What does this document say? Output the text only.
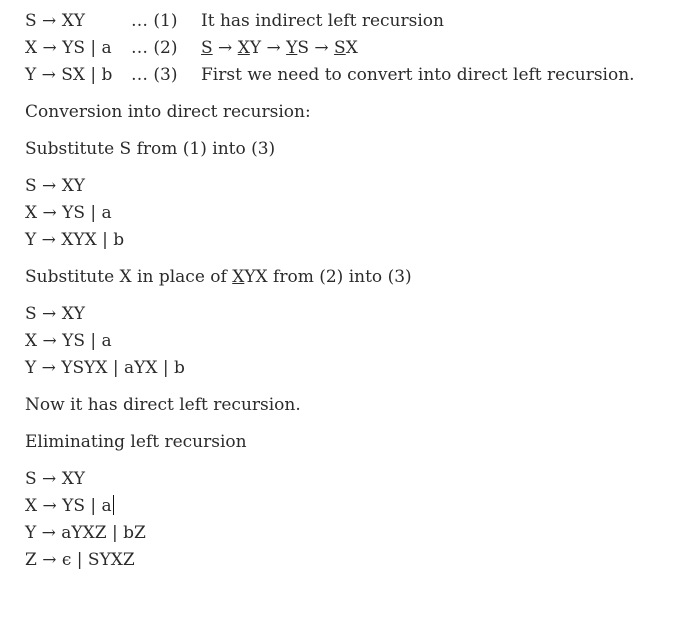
S → XY	… (1) It has indirect left recursion
X → YS | a … (2) S → XY → YS → SX
Y → SX | b … (3) First we need to convert into direct left recursion.
Conversion into direct recursion:
Substitute S from (1) into (3)
S → XY
X → YS | a
Y → XYX | b
Substitute X in place of XYX from (2) into (3)
S → XY
X → YS | a
Y → YSYX | aYX | b
Now it has direct left recursion.
Eliminating left recursion
S → XY
X → YS | a
Y → aYXZ | bZ
Z → ϵ | SYXZ
